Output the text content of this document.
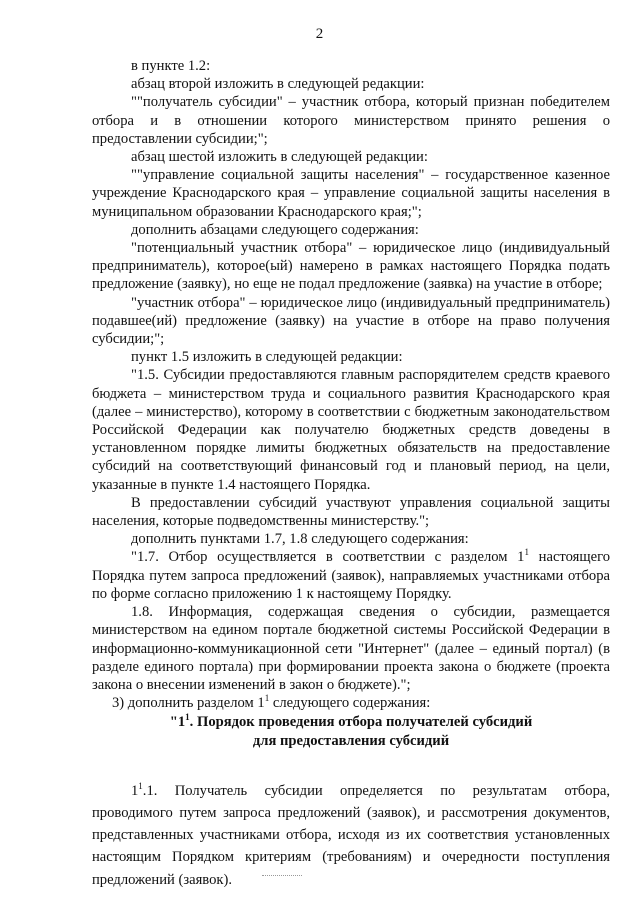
2

в пункте 1.2:

абзац второй изложить в следующей редакции:

""получатель субсидии" – участник отбора, который признан победителем отбора и в отношении которого министерством принято решения о предоставлении субсидии;";

абзац шестой изложить в следующей редакции:

""управление социальной защиты населения" – государственное казенное учреждение Краснодарского края – управление социальной защиты населения в муниципальном образовании Краснодарского края;";

дополнить абзацами следующего содержания:

"потенциальный участник отбора" – юридическое лицо (индивидуальный предприниматель), которое(ый) намерено в рамках настоящего Порядка подать предложение (заявку), но еще не подал предложение (заявка) на участие в отборе;

"участник отбора" – юридическое лицо (индивидуальный предприниматель) подавшее(ий) предложение (заявку) на участие в отборе на право получения субсидии;";

пункт 1.5 изложить в следующей редакции:

"1.5. Субсидии предоставляются главным распорядителем средств краевого бюджета – министерством труда и социального развития Краснодарского края (далее – министерство), которому в соответствии с бюджетным законодательством Российской Федерации как получателю бюджетных средств доведены в установленном порядке лимиты бюджетных обязательств на предоставление субсидий на соответствующий финансовый год и плановый период, на цели, указанные в пункте 1.4 настоящего Порядка.

В предоставлении субсидий участвуют управления социальной защиты населения, которые подведомственны министерству.";

дополнить пунктами 1.7, 1.8 следующего содержания:

"1.7. Отбор осуществляется в соответствии с разделом $1^1$ настоящего Порядка путем запроса предложений (заявок), направляемых участниками отбора по форме согласно приложению 1 к настоящему Порядку.

1.8. Информация, содержащая сведения о субсидии, размещается министерством на едином портале бюджетной системы Российской Федерации в информационно-коммуникационной сети "Интернет" (далее – единый портал) (в разделе единого портала) при формировании проекта закона о бюджете (проекта закона о внесении изменений в закон о бюджете).";

3) дополнить разделом $1^1$ следующего содержания:

"$1^1$. Порядок проведения отбора получателей субсидий
для предоставления субсидий

$1^1.1$. Получатель субсидии определяется по результатам отбора, проводимого путем запроса предложений (заявок), и рассмотрения документов, представленных участниками отбора, исходя из их соответствия установленных настоящим Порядком критериям (требованиям) и очередности поступления предложений (заявок).
